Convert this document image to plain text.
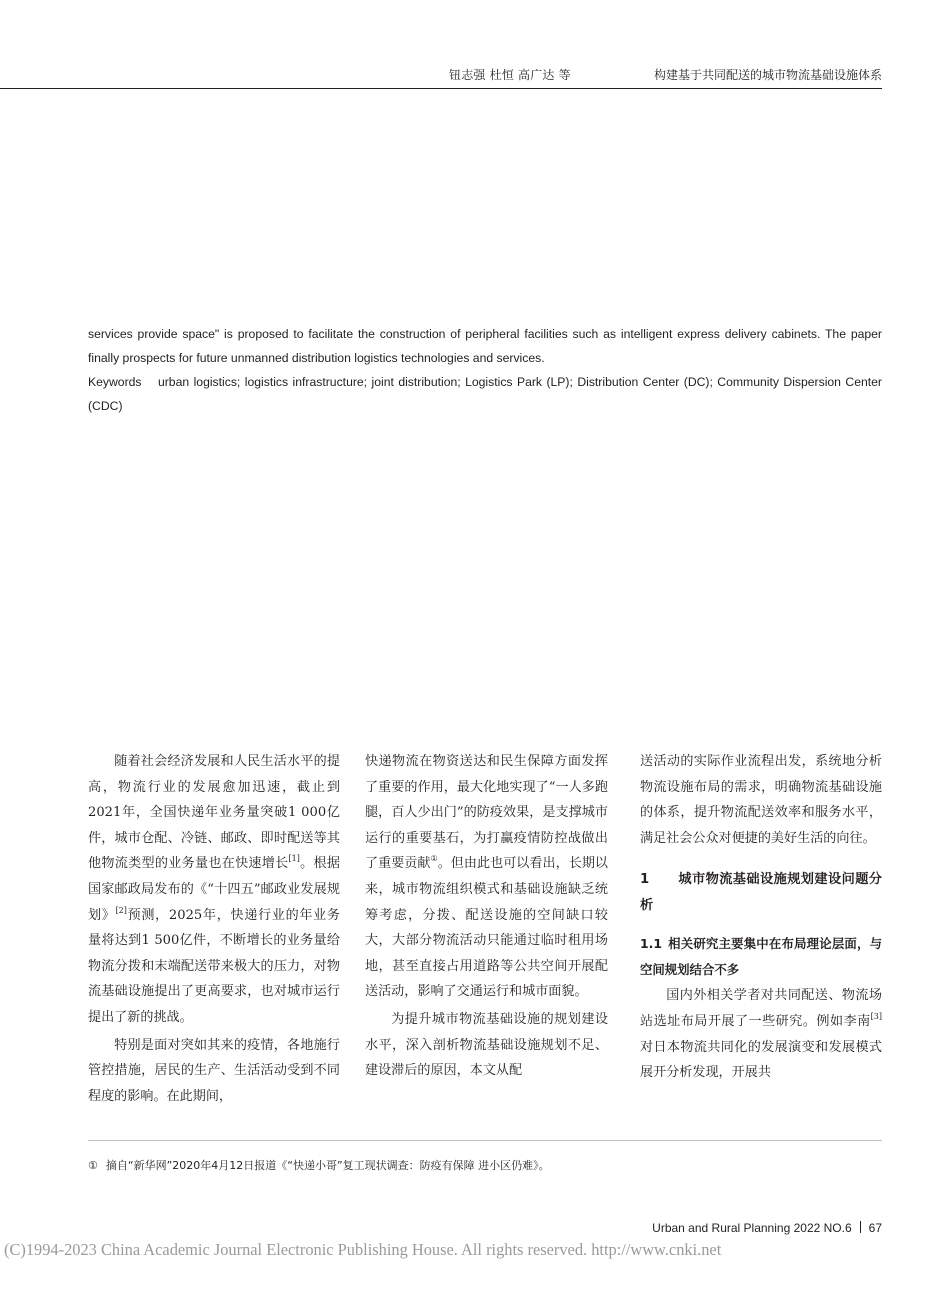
钮志强 杜恒 高广达 等	构建基于共同配送的城市物流基础设施体系

services provide space" is proposed to facilitate the construction of peripheral facilities such as intelligent express delivery cabinets. The paper finally prospects for future unmanned distribution logistics technologies and services.

Keywords urban logistics; logistics infrastructure; joint distribution; Logistics Park (LP); Distribution Center (DC); Community Dispersion Center (CDC)

随着社会经济发展和人民生活水平的提高，物流行业的发展愈加迅速，截止到2021年，全国快递年业务量突破1 000亿件，城市仓配、冷链、邮政、即时配送等其他物流类型的业务量也在快速增长[1]。根据国家邮政局发布的《“十四五”邮政业发展规划》[2]预测，2025年，快递行业的年业务量将达到1 500亿件，不断增长的业务量给物流分拨和末端配送带来极大的压力，对物流基础设施提出了更高要求，也对城市运行提出了新的挑战。

特别是面对突如其来的疫情，各地施行管控措施，居民的生产、生活活动受到不同程度的影响。在此期间，

快递物流在物资送达和民生保障方面发挥了重要的作用，最大化地实现了“一人多跑腿，百人少出门”的防疫效果，是支撑城市运行的重要基石，为打赢疫情防控战做出了重要贡献①。但由此也可以看出，长期以来，城市物流组织模式和基础设施缺乏统筹考虑，分拨、配送设施的空间缺口较大，大部分物流活动只能通过临时租用场地，甚至直接占用道路等公共空间开展配送活动，影响了交通运行和城市面貌。

为提升城市物流基础设施的规划建设水平，深入剖析物流基础设施规划不足、建设滞后的原因，本文从配

送活动的实际作业流程出发，系统地分析物流设施布局的需求，明确物流基础设施的体系，提升物流配送效率和服务水平，满足社会公众对便捷的美好生活的向往。

1 城市物流基础设施规划建设问题分析
1.1 相关研究主要集中在布局理论层面，与空间规划结合不多

国内外相关学者对共同配送、物流场站选址布局开展了一些研究。例如李南[3]对日本物流共同化的发展演变和发展模式展开分析发现，开展共

① 摘自“新华网”2020年4月12日报道《“快递小哥”复工现状调查：防疫有保障 进小区仍难》。
Urban and Rural Planning 2022 NO.6 67
(C)1994-2023 China Academic Journal Electronic Publishing House. All rights reserved. http://www.cnki.net
